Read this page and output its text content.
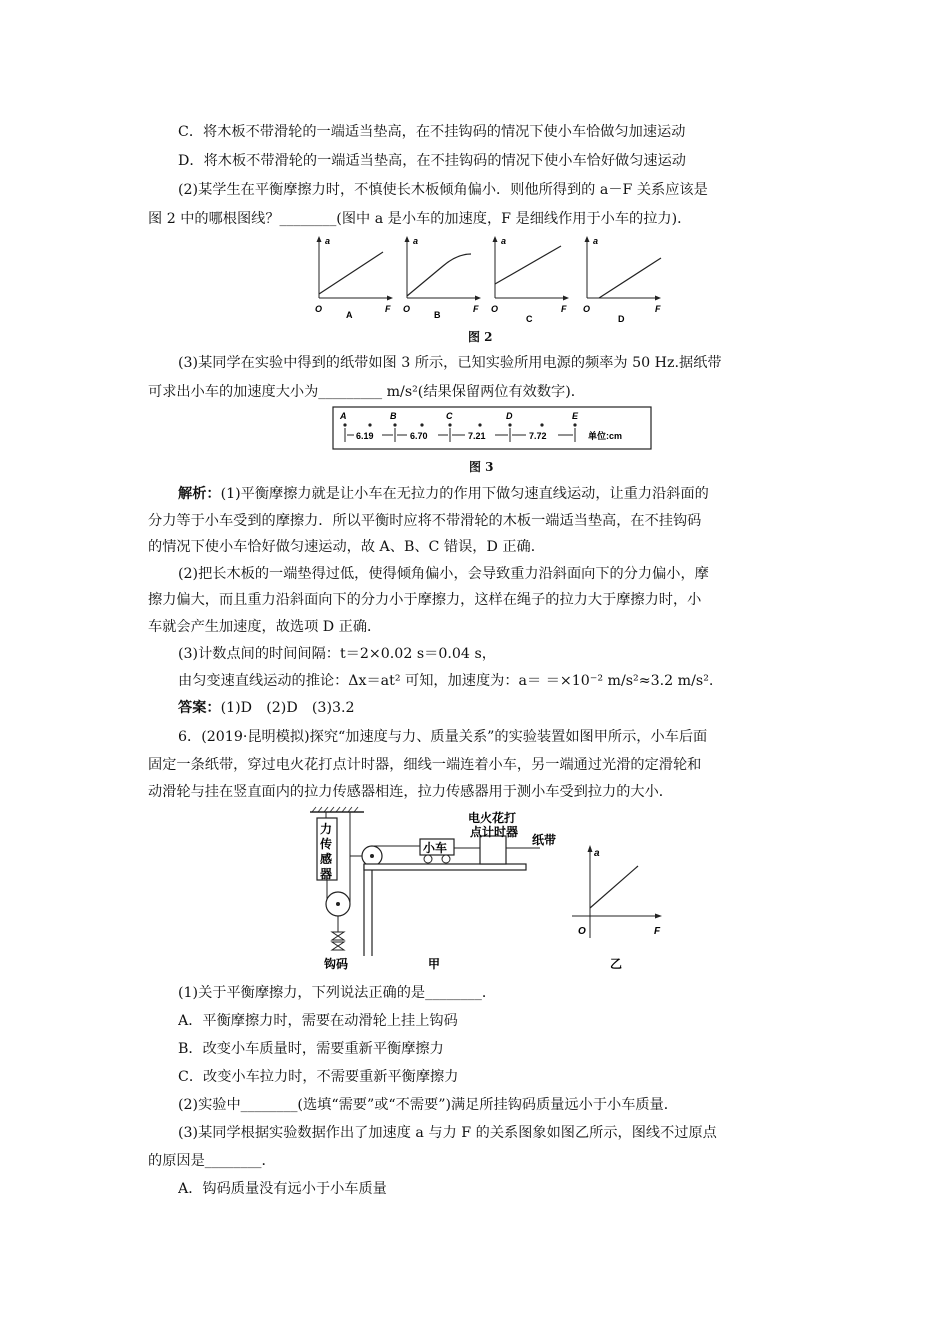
C．将木板不带滑轮的一端适当垫高，在不挂钩码的情况下使小车恰做匀加速运动
D．将木板不带滑轮的一端适当垫高，在不挂钩码的情况下使小车恰好做匀速运动
(2)某学生在平衡摩擦力时，不慎使长木板倾角偏小．则他所得到的 a－F 关系应该是
图 2 中的哪根图线？________(图中 a 是小车的加速度，F 是细线作用于小车的拉力)．
a
O	F
A
a
O	F
B
a
O	F
C
a
O	F
D
图 2
(3)某同学在实验中得到的纸带如图 3 所示，已知实验所用电源的频率为 50 Hz.据纸带
可求出小车的加速度大小为_________ m/s²(结果保留两位有效数字)．
A	B	C	D	E
6.19	6.70	7.21	7.72	单位:cm
图 3
解析：(1)平衡摩擦力就是让小车在无拉力的作用下做匀速直线运动，让重力沿斜面的
分力等于小车受到的摩擦力．所以平衡时应将不带滑轮的木板一端适当垫高，在不挂钩码
的情况下使小车恰好做匀速运动，故 A、B、C 错误，D 正确．
(2)把长木板的一端垫得过低，使得倾角偏小，会导致重力沿斜面向下的分力偏小，摩
擦力偏大，而且重力沿斜面向下的分力小于摩擦力，这样在绳子的拉力大于摩擦力时，小
车就会产生加速度，故选项 D 正确．
(3)计数点间的时间间隔：t＝2×0.02 s＝0.04 s，
由匀变速直线运动的推论：Δx＝at² 可知，加速度为：a＝ ＝×10⁻² m/s²≈3.2 m/s².
答案：(1)D　(2)D　(3)3.2
6．(2019·昆明模拟)探究“加速度与力、质量关系”的实验装置如图甲所示，小车后面
固定一条纸带，穿过电火花打点计时器，细线一端连着小车，另一端通过光滑的定滑轮和
动滑轮与挂在竖直面内的拉力传感器相连，拉力传感器用于测小车受到拉力的大小．
力
传
感
器
钩码
小车
电火花打
点计时器
纸带
甲
a
O	F
乙
(1)关于平衡摩擦力，下列说法正确的是________．
A．平衡摩擦力时，需要在动滑轮上挂上钩码
B．改变小车质量时，需要重新平衡摩擦力
C．改变小车拉力时，不需要重新平衡摩擦力
(2)实验中________(选填“需要”或“不需要”)满足所挂钩码质量远小于小车质量．
(3)某同学根据实验数据作出了加速度 a 与力 F 的关系图象如图乙所示，图线不过原点
的原因是________．
A．钩码质量没有远小于小车质量
